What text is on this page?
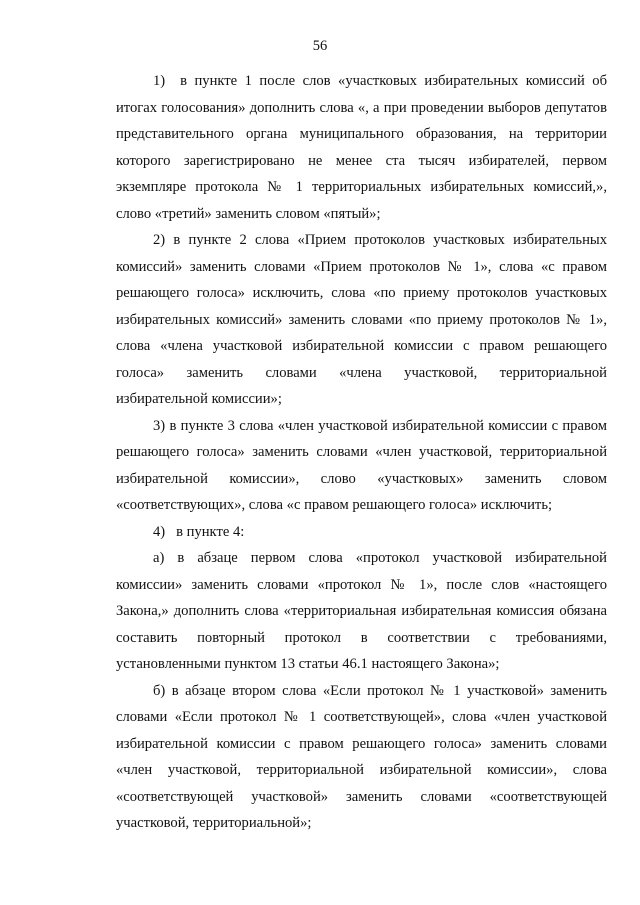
56

1)  в пункте 1 после слов «участковых избирательных комиссий об итогах голосования» дополнить слова «, а при проведении выборов депутатов представительного органа муниципального образования, на территории которого зарегистрировано не менее ста тысяч избирателей, первом экземпляре протокола № 1 территориальных избирательных комиссий,», слово «третий» заменить словом «пятый»;

2) в пункте 2 слова «Прием протоколов участковых избирательных комиссий» заменить словами «Прием протоколов № 1», слова «с правом решающего голоса» исключить, слова «по приему протоколов участковых избирательных комиссий» заменить словами «по приему протоколов № 1», слова «члена участковой избирательной комиссии с правом решающего голоса» заменить словами «члена участковой, территориальной избирательной комиссии»;

3) в пункте 3 слова «член участковой избирательной комиссии с правом решающего голоса» заменить словами «член участковой, территориальной избирательной комиссии», слово «участковых» заменить словом «соответствующих», слова «с правом решающего голоса» исключить;

4)   в пункте 4:

а) в абзаце первом слова «протокол участковой избирательной комиссии» заменить словами «протокол № 1», после слов «настоящего Закона,» дополнить слова «территориальная избирательная комиссия обязана составить повторный протокол в соответствии с требованиями, установленными пунктом 13 статьи 46.1 настоящего Закона»;

б) в абзаце втором слова «Если протокол № 1 участковой» заменить словами «Если протокол № 1 соответствующей», слова «член участковой избирательной комиссии с правом решающего голоса» заменить словами «член участковой, территориальной избирательной комиссии», слова «соответствующей участковой» заменить словами «соответствующей участковой, территориальной»;
